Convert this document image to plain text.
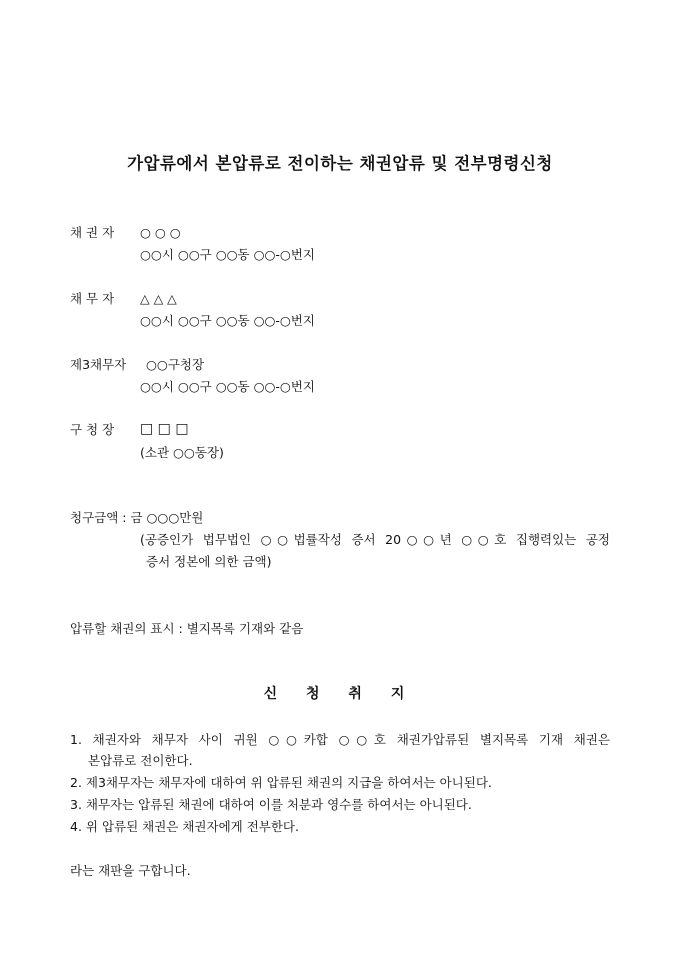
가압류에서 본압류로 전이하는 채권압류 및 전부명령신청
채 권 자 ○ ○ ○
○○시 ○○구 ○○동 ○○-○번지
채 무 자 △ △ △
○○시 ○○구 ○○동 ○○-○번지
제3채무자 ○○구청장
○○시 ○○구 ○○동 ○○-○번지
구 청 장 □ □ □
(소관 ○○동장)
청구금액 : 금 ○○○만원
(공증인가 법무법인 ○○법률작성 증서 20○○년 ○○호 집행력있는 공정
증서 정본에 의한 금액)
압류할 채권의 표시 : 별지목록 기재와 같음
신 청 취 지
1. 채권자와 채무자 사이 귀원 ○○카합 ○○호 채권가압류된 별지목록 기재 채권은
본압류로 전이한다.
2. 제3채무자는 채무자에 대하여 위 압류된 채권의 지급을 하여서는 아니된다.
3. 채무자는 압류된 채권에 대하여 이를 처분과 영수를 하여서는 아니된다.
4. 위 압류된 채권은 채권자에게 전부한다.
라는 재판을 구합니다.
